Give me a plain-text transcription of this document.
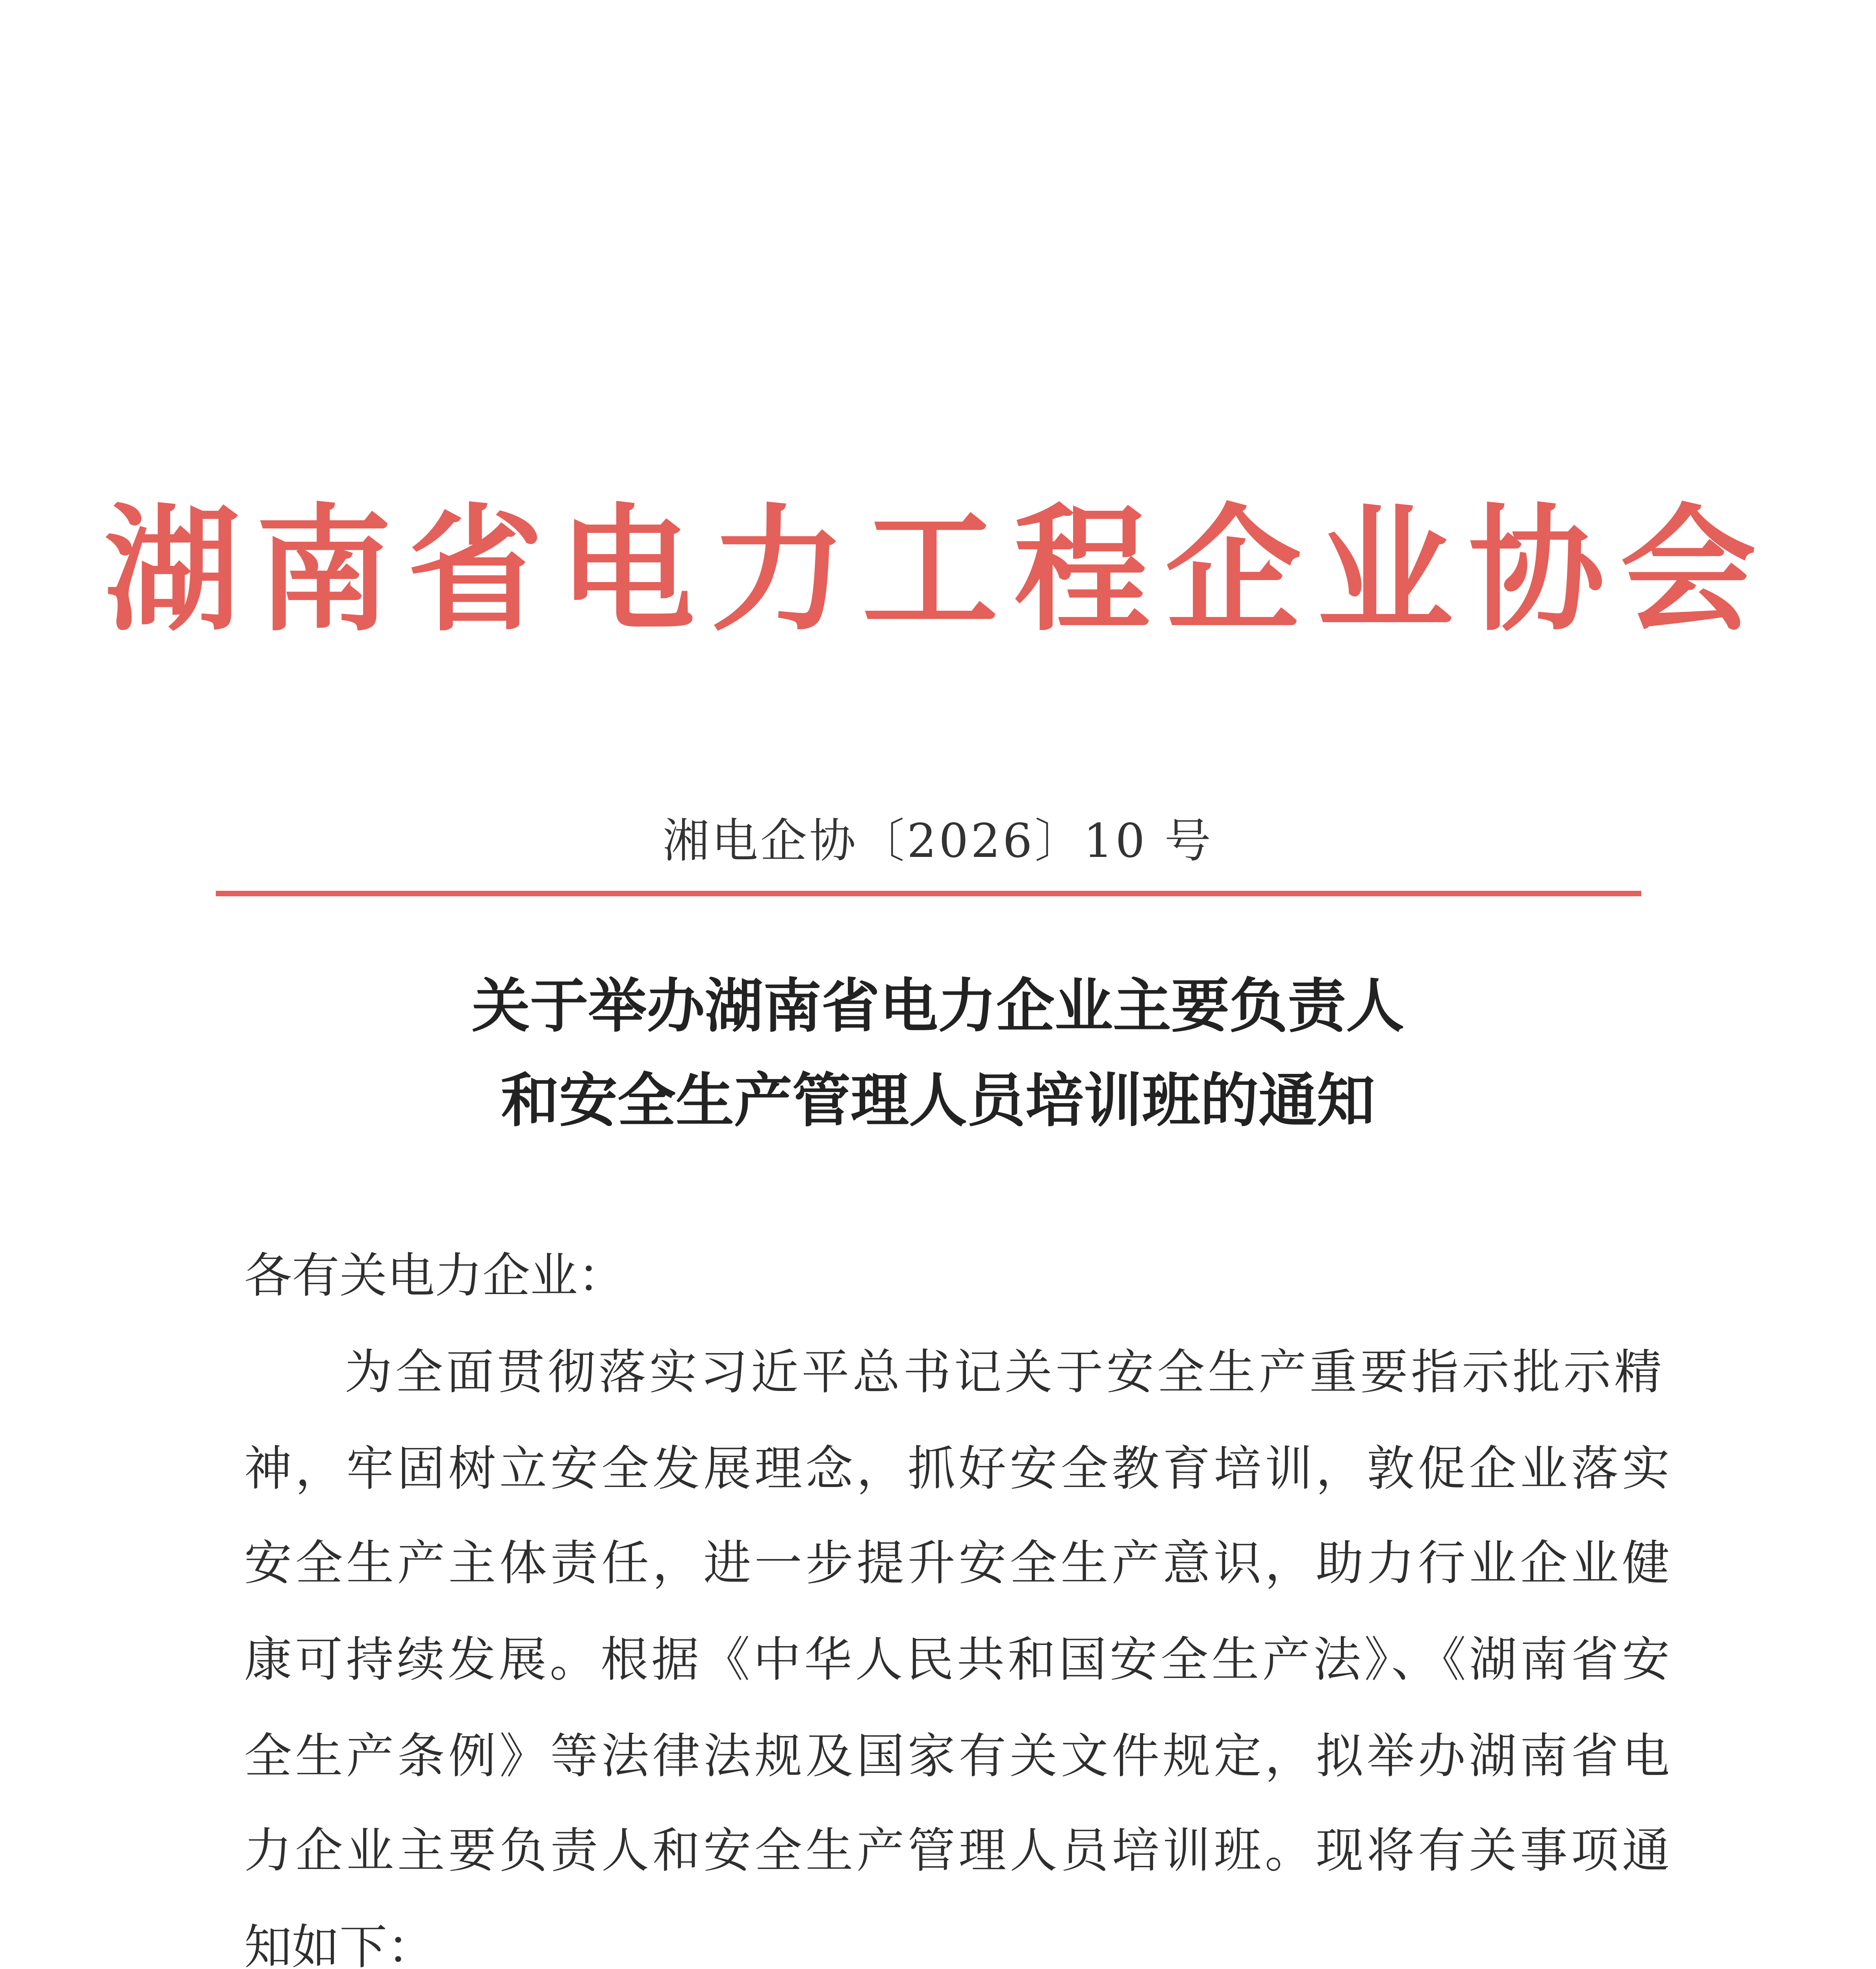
湖南省电力工程企业协会
湘电企协〔2026〕10 号
关于举办湖南省电力企业主要负责人
和安全生产管理人员培训班的通知
各有关电力企业：
为全面贯彻落实习近平总书记关于安全生产重要指示批示精
神，牢固树立安全发展理念，抓好安全教育培训，敦促企业落实
安全生产主体责任，进一步提升安全生产意识，助力行业企业健
康可持续发展。根据《中华人民共和国安全生产法》、《湖南省安
全生产条例》等法律法规及国家有关文件规定，拟举办湖南省电
力企业主要负责人和安全生产管理人员培训班。现将有关事项通
知如下：
